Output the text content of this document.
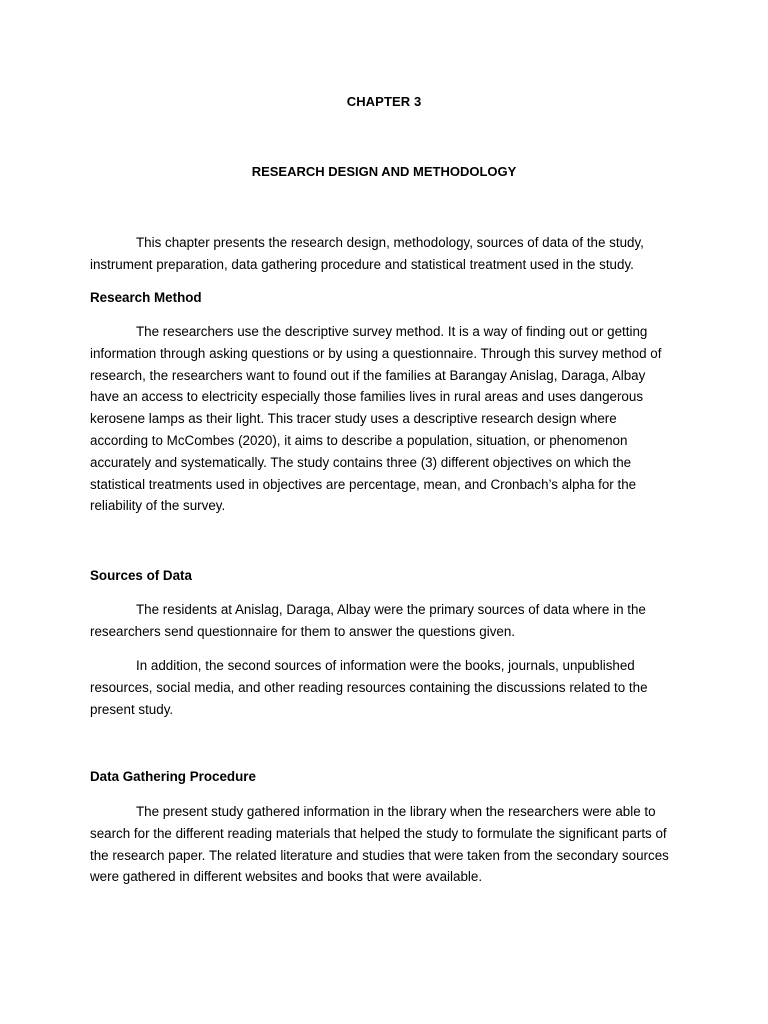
CHAPTER 3
RESEARCH DESIGN AND METHODOLOGY

This chapter presents the research design, methodology, sources of data of the study, instrument preparation, data gathering procedure and statistical treatment used in the study.

Research Method

The researchers use the descriptive survey method. It is a way of finding out or getting information through asking questions or by using a questionnaire. Through this survey method of research, the researchers want to found out if the families at Barangay Anislag, Daraga, Albay have an access to electricity especially those families lives in rural areas and uses dangerous kerosene lamps as their light. This tracer study uses a descriptive research design where according to McCombes (2020), it aims to describe a population, situation, or phenomenon accurately and systematically. The study contains three (3) different objectives on which the statistical treatments used in objectives are percentage, mean, and Cronbach’s alpha for the reliability of the survey.

Sources of Data

The residents at Anislag, Daraga, Albay were the primary sources of data where in the researchers send questionnaire for them to answer the questions given.

In addition, the second sources of information were the books, journals, unpublished resources, social media, and other reading resources containing the discussions related to the present study.

Data Gathering Procedure

The present study gathered information in the library when the researchers were able to search for the different reading materials that helped the study to formulate the significant parts of the research paper. The related literature and studies that were taken from the secondary sources were gathered in different websites and books that were available.
